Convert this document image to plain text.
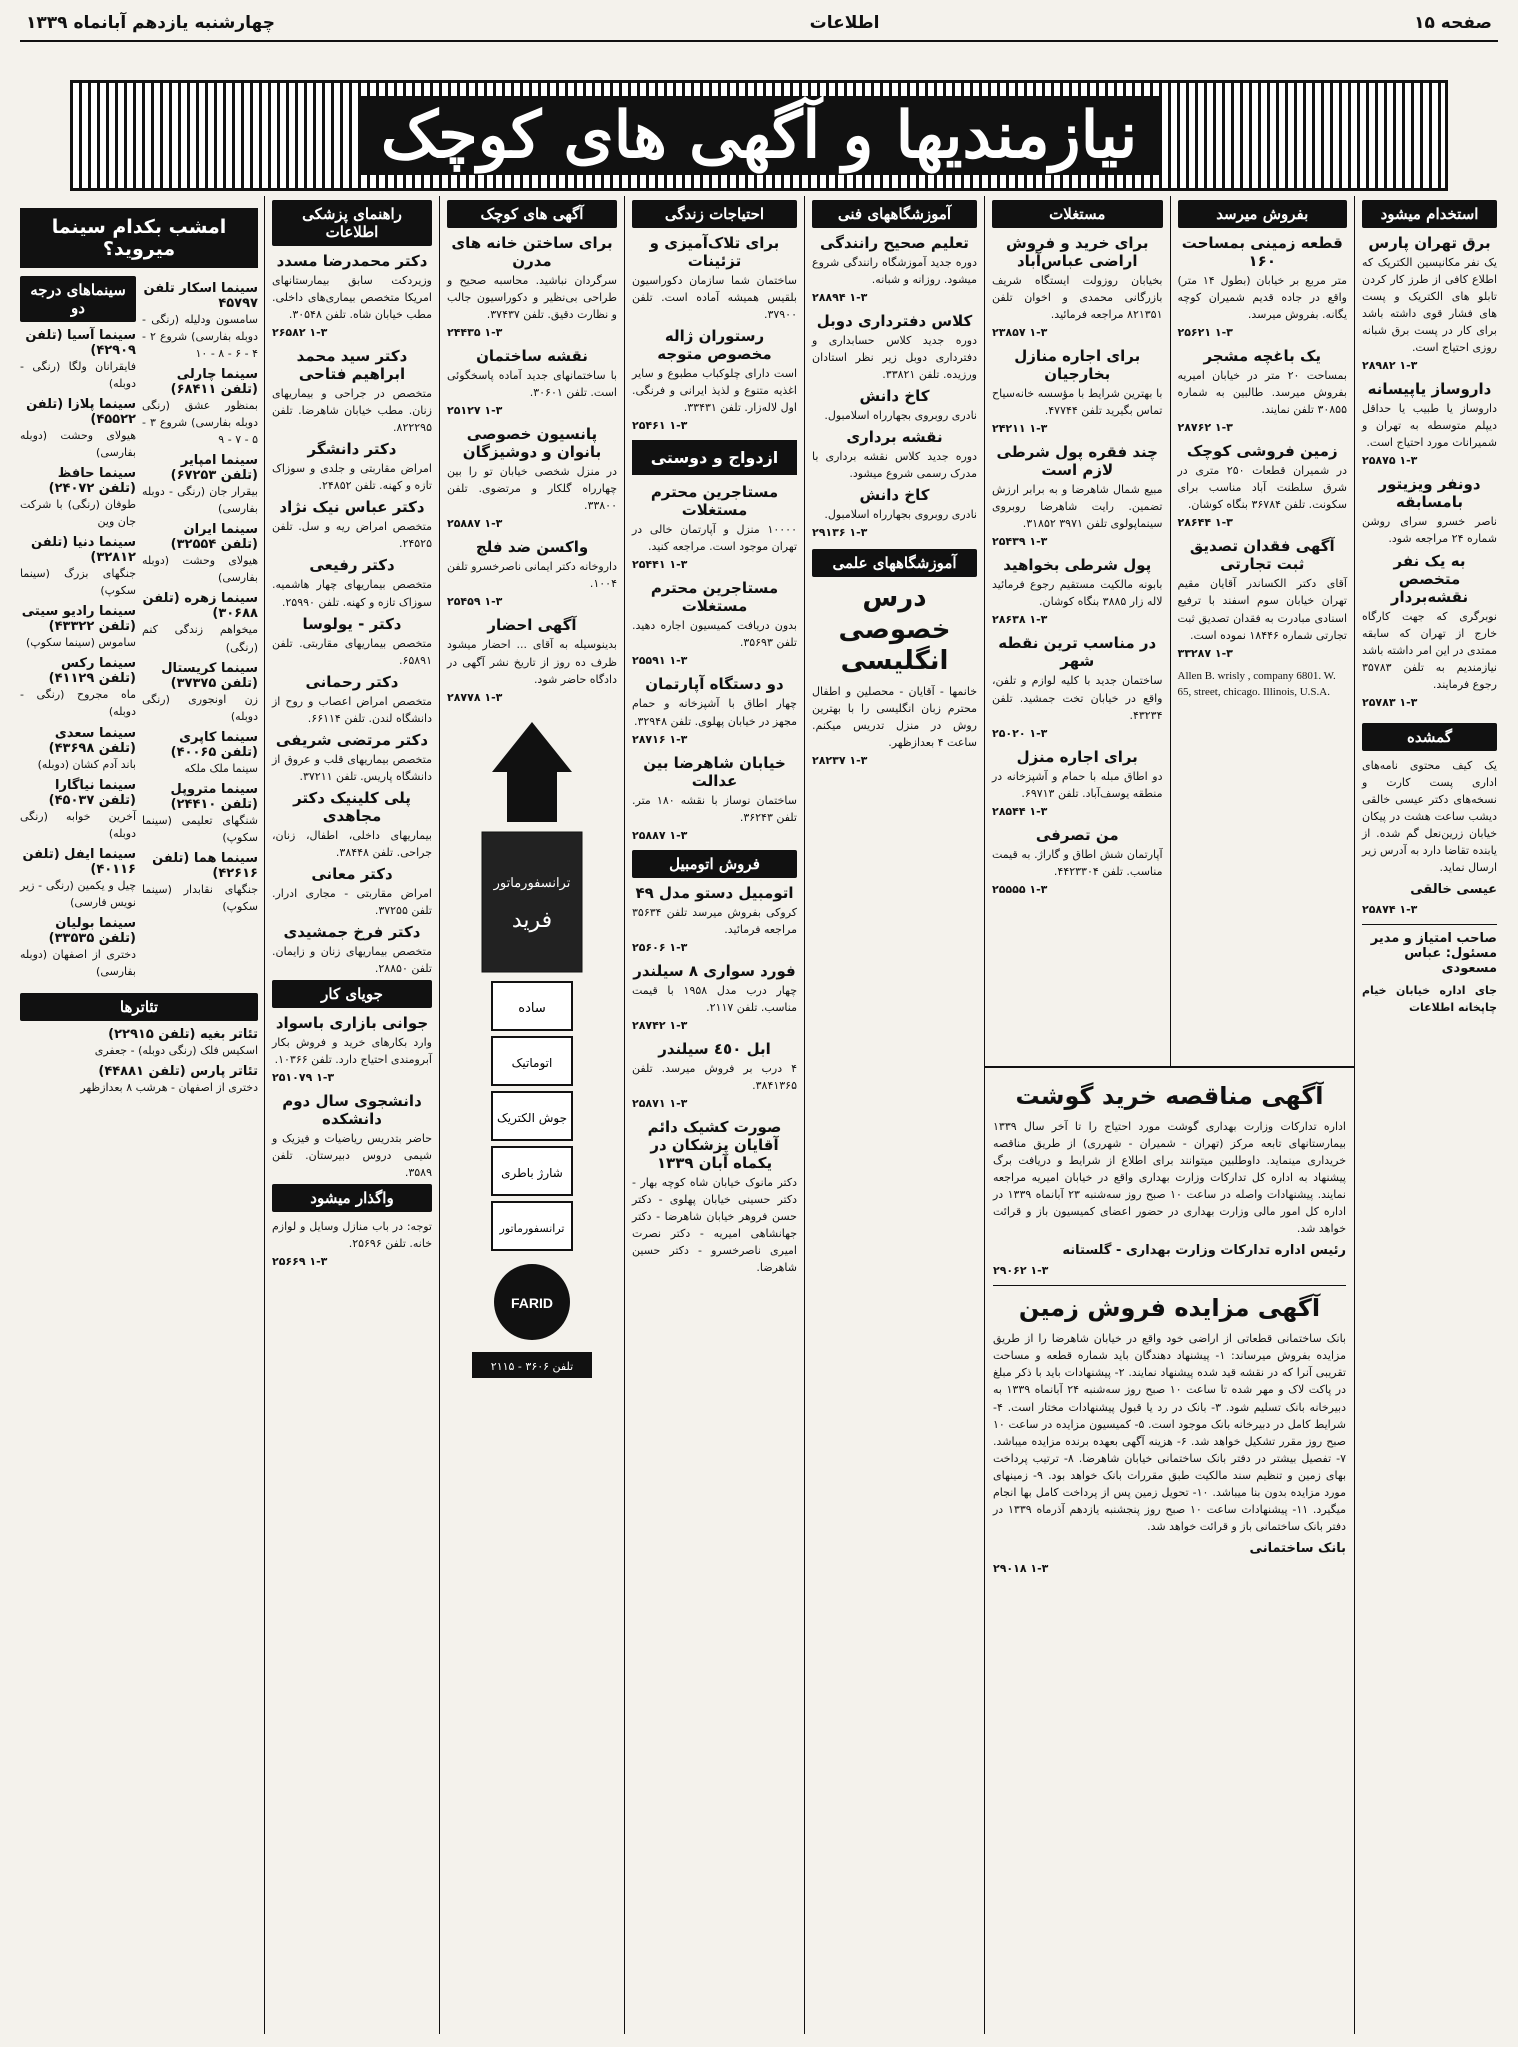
صفحه ۱۵
اطلاعات
چهارشنبه یازدهم آبانماه ۱۳۳۹
نیازمندیها و آگهی های کوچک
استخدام میشود
برق تهران پارس
یک نفر مکانیسین الکتریک که اطلاع کافی از طرز کار کردن تابلو های الکتریک و پست های فشار قوی داشته باشد برای کار در پست برق شبانه روزی احتیاج است.
۲۸۹۸۲ ۱-۳
داروساز یاپیسانه
داروساز یا طبیب یا حداقل دیپلم متوسطه به تهران و شمیرانات مورد احتیاج است.
۲۵۸۷۵ ۱-۳
دونفر ویزیتور بامسابقه
ناصر خسرو سرای روشن شماره ۲۴ مراجعه شود.
به یک نفر متخصص نقشه‌بردار
نوبرگری که جهت کارگاه خارج از تهران که سابقه ممتدی در این امر داشته باشد نیازمندیم به تلفن ۳۵۷۸۳ رجوع فرمایند.
۲۵۷۸۳ ۱-۳
گمشده
یک کیف محتوی نامه‌های اداری پست کارت و نسخه‌های دکتر عیسی خالقی دیشب ساعت هشت در پیکان خیابان زرین‌نعل گم شده. از یابنده تقاضا دارد به آدرس زیر ارسال نماید.
عیسی خالقی
۲۵۸۷۴ ۱-۳
صاحب امتیاز و مدیر مسئول: عباس مسعودی
جای اداره خیابان خیام چاپخانه اطلاعات
بفروش میرسد
قطعه زمینی بمساحت ۱۶۰
متر مربع بر خیابان (بطول ۱۴ متر) واقع در جاده قدیم شمیران کوچه یگانه. بفروش میرسد.
۲۵۶۲۱ ۱-۳
یک باغچه مشجر
بمساحت ۲۰ متر در خیابان امیریه بفروش میرسد. طالبین به شماره ۳۰۸۵۵ تلفن نمایند.
۲۸۷۶۲ ۱-۳
زمین فروشی کوچک
در شمیران قطعات ۲۵۰ متری در شرق سلطنت آباد مناسب برای سکونت. تلفن ۳۶۷۸۴ بنگاه کوشان.
۲۸۶۴۴ ۱-۳
آگهی فقدان تصدیق ثبت تجارتی
آقای دکتر الکساندر آقایان مقیم تهران خیابان سوم اسفند با ترفیع اسنادی مبادرت به فقدان تصدیق ثبت تجارتی شماره ۱۸۴۴۶ نموده است.
۳۳۲۸۷ ۱-۳
Allen B. wrisly , company 6801. W. 65, street, chicago. Illinois, U.S.A.
مستغلات
برای خرید و فروش اراضی عباس‌آباد
بخیابان روزولت ایستگاه شریف بازرگانی محمدی و اخوان تلفن ۸۲۱۳۵۱ مراجعه فرمائید.
۲۳۸۵۷ ۱-۳
برای اجاره منازل بخارجیان
با بهترین شرایط با مؤسسه خانه‌سیاح تماس بگیرید تلفن ۴۷۷۴۴.
۲۴۲۱۱ ۱-۳
چند فقره پول شرطی لازم است
مبیع شمال شاهرضا و به برابر ارزش تضمین. رایت شاهرضا روبروی سینماپولوی تلفن ۳۹۷۱ ۳۱۸۵۲.
۲۵۴۳۹ ۱-۳
پول شرطی بخواهید
بابونه مالکیت مستقیم رجوع فرمائید لاله زار ۳۸۸۵ بنگاه کوشان.
۲۸۶۳۸ ۱-۳
در مناسب ترین نقطه شهر
ساختمان جدید با کلیه لوازم و تلفن، واقع در خیابان تخت جمشید. تلفن ۴۳۲۳۴.
۲۵۰۲۰ ۱-۳
برای اجاره منزل
دو اطاق مبله با حمام و آشپزخانه در منطقه یوسف‌آباد. تلفن ۶۹۷۱۳.
۲۸۵۴۴ ۱-۳
من تصرفی
آپارتمان شش اطاق و گاراژ. به قیمت مناسب. تلفن ۴۴۲۳۳۰۴.
۲۵۵۵۵ ۱-۳
آگهی مناقصه خرید گوشت
اداره تدارکات وزارت بهداری گوشت مورد احتیاج را تا آخر سال ۱۳۳۹ بیمارستانهای تابعه مرکز (تهران - شمیران - شهرری) از طریق مناقصه خریداری مینماید. داوطلبین میتوانند برای اطلاع از شرایط و دریافت برگ پیشنهاد به اداره کل تدارکات وزارت بهداری واقع در خیابان امیریه مراجعه نمایند. پیشنهادات واصله در ساعت ۱۰ صبح روز سه‌شنبه ۲۳ آبانماه ۱۳۳۹ در اداره کل امور مالی وزارت بهداری در حضور اعضای کمیسیون باز و قرائت خواهد شد.
رئیس اداره تدارکات وزارت بهداری - گلستانه
۲۹۰۶۲ ۱-۳
آگهی مزایده فروش زمین
بانک ساختمانی قطعاتی از اراضی خود واقع در خیابان شاهرضا را از طریق مزایده بفروش میرساند: ۱- پیشنهاد دهندگان باید شماره قطعه و مساحت تقریبی آنرا که در نقشه قید شده پیشنهاد نمایند. ۲- پیشنهادات باید با ذکر مبلغ در پاکت لاک و مهر شده تا ساعت ۱۰ صبح روز سه‌شنبه ۲۴ آبانماه ۱۳۳۹ به دبیرخانه بانک تسلیم شود. ۳- بانک در رد یا قبول پیشنهادات مختار است. ۴- شرایط کامل در دبیرخانه بانک موجود است. ۵- کمیسیون مزایده در ساعت ۱۰ صبح روز مقرر تشکیل خواهد شد. ۶- هزینه آگهی بعهده برنده مزایده میباشد. ۷- تفصیل بیشتر در دفتر بانک ساختمانی خیابان شاهرضا. ۸- ترتیب پرداخت بهای زمین و تنظیم سند مالکیت طبق مقررات بانک خواهد بود. ۹- زمینهای مورد مزایده بدون بنا میباشد. ۱۰- تحویل زمین پس از پرداخت کامل بها انجام میگیرد. ۱۱- پیشنهادات ساعت ۱۰ صبح روز پنجشنبه یازدهم آذرماه ۱۳۳۹ در دفتر بانک ساختمانی باز و قرائت خواهد شد.
بانک ساختمانی
۲۹۰۱۸ ۱-۳
آموزشگاههای فنی
تعلیم صحیح رانندگی
دوره جدید آموزشگاه رانندگی شروع میشود. روزانه و شبانه.
۲۸۸۹۴ ۱-۳
کلاس دفترداری دوبل
دوره جدید کلاس حسابداری و دفترداری دوبل زیر نظر استادان ورزیده. تلفن ۳۳۸۲۱.
کاخ دانش
نادری روبروی بجهارراه اسلامبول.
نقشه برداری
دوره جدید کلاس نقشه برداری با مدرک رسمی شروع میشود.
کاخ دانش
نادری روبروی بجهارراه اسلامبول.
۲۹۱۳۶ ۱-۳
آموزشگاههای علمی
درس خصوصی انگلیسی
خانمها - آقایان - محصلین و اطفال محترم زبان انگلیسی را با بهترین روش در منزل تدریس میکنم. ساعت ۴ بعدازظهر.
۲۸۲۳۷ ۱-۳
احتیاجات زندگی
برای تلاک‌آمیزی و تزئینات
ساختمان شما سازمان دکوراسیون بلقیس همیشه آماده است. تلفن ۳۷۹۰۰.
رستوران ژاله مخصوص متوجه
است دارای چلوکباب مطبوع و سایر اغذیه متنوع و لذیذ ایرانی و فرنگی. اول لاله‌زار. تلفن ۳۳۴۳۱.
۲۵۴۶۱ ۱-۳
ازدواج و دوستی
مستاجرین محترم مستغلات
۱۰۰۰۰ منزل و آپارتمان خالی در تهران موجود است. مراجعه کنید.
۲۵۴۴۱ ۱-۳
مستاجرین محترم مستغلات
بدون دریافت کمیسیون اجاره دهید. تلفن ۳۵۶۹۳.
۲۵۵۹۱ ۱-۳
دو دستگاه آپارتمان
چهار اطاق با آشپزخانه و حمام مجهز در خیابان پهلوی. تلفن ۳۲۹۴۸.
۲۸۷۱۶ ۱-۳
خیابان شاهرضا بین عدالت
ساختمان نوساز با نقشه ۱۸۰ متر. تلفن ۳۶۲۴۳.
۲۵۸۸۷ ۱-۳
فروش اتومبیل
اتومبیل دستو مدل ۴۹
کروکی بفروش میرسد تلفن ۳۵۶۳۴ مراجعه فرمائید.
۲۵۶۰۶ ۱-۳
فورد سواری ۸ سیلندر
چهار درب مدل ۱۹۵۸ با قیمت مناسب. تلفن ۲۱۱۷.
۲۸۷۴۲ ۱-۳
ابل ٤٥٠ سیلندر
۴ درب بر فروش میرسد. تلفن ۳۸۴۱۳۶۵.
۲۵۸۷۱ ۱-۳
صورت کشیک دائم آقایان پزشکان در یکماه آبان ۱۳۳۹
دکتر مانوک خیابان شاه کوچه بهار - دکتر حسینی خیابان پهلوی - دکتر حسن فروهر خیابان شاهرضا - دکتر جهانشاهی امیریه - دکتر نصرت امیری ناصرخسرو - دکتر حسین شاهرضا.
آگهی های کوچک
برای ساختن خانه های مدرن
سرگردان نباشید. محاسبه صحیح و طراحی بی‌نظیر و دکوراسیون جالب و نظارت دقیق. تلفن ۳۷۴۳۷.
۲۴۴۳۵ ۱-۳
نقشه ساختمان
با ساختمانهای جدید آماده پاسخگوئی است. تلفن ۳۰۶۰۱.
۲۵۱۲۷ ۱-۳
پانسیون خصوصی بانوان و دوشیزگان
در منزل شخصی خیابان تو را بین چهارراه گلکار و مرتضوی. تلفن ۳۳۸۰۰.
۲۵۸۸۷ ۱-۳
واکسن ضد فلج
داروخانه دکتر ایمانی ناصرخسرو تلفن ۱۰۰۴.
۲۵۴۵۹ ۱-۳
آگهی احضار
بدینوسیله به آقای ... احضار میشود ظرف ده روز از تاریخ نشر آگهی در دادگاه حاضر شود.
۲۸۷۷۸ ۱-۳
ترانسفورماتور
فرید
ساده
اتوماتیک
جوش الکتریک
شارژ باطری
ترانسفورماتور
FARID
تلفن ۳۶۰۶ - ۲۱۱۵
راهنمای پزشکی اطلاعات
دکتر محمدرضا مسدد
وزیردکت سابق بیمارستانهای امریکا متخصص بیماری‌های داخلی. مطب خیابان شاه. تلفن ۳۰۵۴۸.
۲۶۵۸۲ ۱-۳
دکتر سید محمد ابراهیم فتاحی
متخصص در جراحی و بیماریهای زنان. مطب خیابان شاهرضا. تلفن ۸۲۲۲۹۵.
دکتر دانشگر
امراض مقاربتی و جلدی و سوزاک تازه و کهنه. تلفن ۲۴۸۵۲.
دکتر عباس نیک نژاد
متخصص امراض ریه و سل. تلفن ۲۴۵۲۵.
دکتر رفیعی
متخصص بیماریهای چهار هاشمیه. سوزاک تازه و کهنه. تلفن ۲۵۹۹۰.
دکتر - یولوسا
متخصص بیماریهای مقاربتی. تلفن ۶۵۸۹۱.
دکتر رحمانی
متخصص امراض اعصاب و روح از دانشگاه لندن. تلفن ۶۶۱۱۴.
دکتر مرتضی شریفی
متخصص بیماریهای قلب و عروق از دانشگاه پاریس. تلفن ۳۷۲۱۱.
پلی کلینیک دکتر مجاهدی
بیماریهای داخلی، اطفال، زنان، جراحی. تلفن ۳۸۴۴۸.
دکتر معانی
امراض مقاربتی - مجاری ادرار. تلفن ۳۷۲۵۵.
دکتر فرخ جمشیدی
متخصص بیماریهای زنان و زایمان. تلفن ۲۸۸۵۰.
جویای کار
جوانی بازاری باسواد
وارد بکارهای خرید و فروش بکار آبرومندی احتیاج دارد. تلفن ۱۰۳۶۶.
۲۵۱۰۷۹ ۱-۳
دانشجوی سال دوم دانشکده
حاضر بتدریس ریاضیات و فیزیک و شیمی دروس دبیرستان. تلفن ۳۵۸۹.
واگذار میشود
توجه: در باب منازل وسایل و لوازم خانه. تلفن ۲۵۶۹۶.
۲۵۶۶۹ ۱-۳
امشب بکدام سینما میروید؟
سینما اسکار تلفن ۴۵۷۹۷
سامسون ودلیله (رنگی - دوبله بفارسی) شروع ۲ - ۴ - ۶ - ۸ - ۱۰
سینما چارلی (تلفن ۶۸۴۱۱)
بمنظور عشق (رنگی دوبله بفارسی) شروع ۳ - ۵ - ۷ - ۹
سینما امپایر (تلفن ۶۷۲۵۳)
بیقرار جان (رنگی - دوبله بفارسی)
سینما ایران (تلفن ۳۲۵۵۴)
هیولای وحشت (دوبله بفارسی)
سینما زهره (تلفن ۳۰۶۸۸)
میخواهم زندگی کنم (رنگی)
سینما کریستال (تلفن ۳۷۳۷۵)
زن اونجوری (رنگی دوبله)
سینما کاپری (تلفن ۴۰۰۶۵)
سینما ملک ملکه
سینما متروپل (تلفن ۲۴۴۱۰)
شنگهای تعلیمی (سینما سکوپ)
سینما هما (تلفن ۴۲۶۱۶)
جنگهای نقابدار (سینما سکوپ)
سینماهای درجه دو
سینما آسیا (تلفن ۴۲۹۰۹)
فایقرانان ولگا (رنگی - دوبله)
سینما پلازا (تلفن ۴۵۵۲۲)
هیولای وحشت (دوبله بفارسی)
سینما حافظ (تلفن ۲۴۰۷۲)
طوفان (رنگی) با شرکت جان وین
سینما دنیا (تلفن ۳۲۸۱۲)
جنگهای بزرگ (سینما سکوپ)
سینما رادیو سیتی (تلفن ۴۳۳۲۲)
ساموس (سینما سکوپ)
سینما رکس (تلفن ۴۱۱۲۹)
ماه مجروح (رنگی - دوبله)
سینما سعدی (تلفن ۴۳۶۹۸)
باند آدم کشان (دوبله)
سینما نیاگارا (تلفن ۴۵۰۳۷)
آخرین خوابه (رنگی دوبله)
سینما ایفل (تلفن ۴۰۱۱۶)
چیل و یکمین (رنگی - زیر نویس فارسی)
سینما بولیان (تلفن ۳۳۵۳۵)
دختری از اصفهان (دوبله بفارسی)
تئاترها
تئاتر بغیه (تلفن ۲۲۹۱۵)
اسکیس فلک (رنگی دوبله) - جعفری
تئاتر پارس (تلفن ۴۴۸۸۱)
دختری از اصفهان - هرشب ۸ بعدازظهر
